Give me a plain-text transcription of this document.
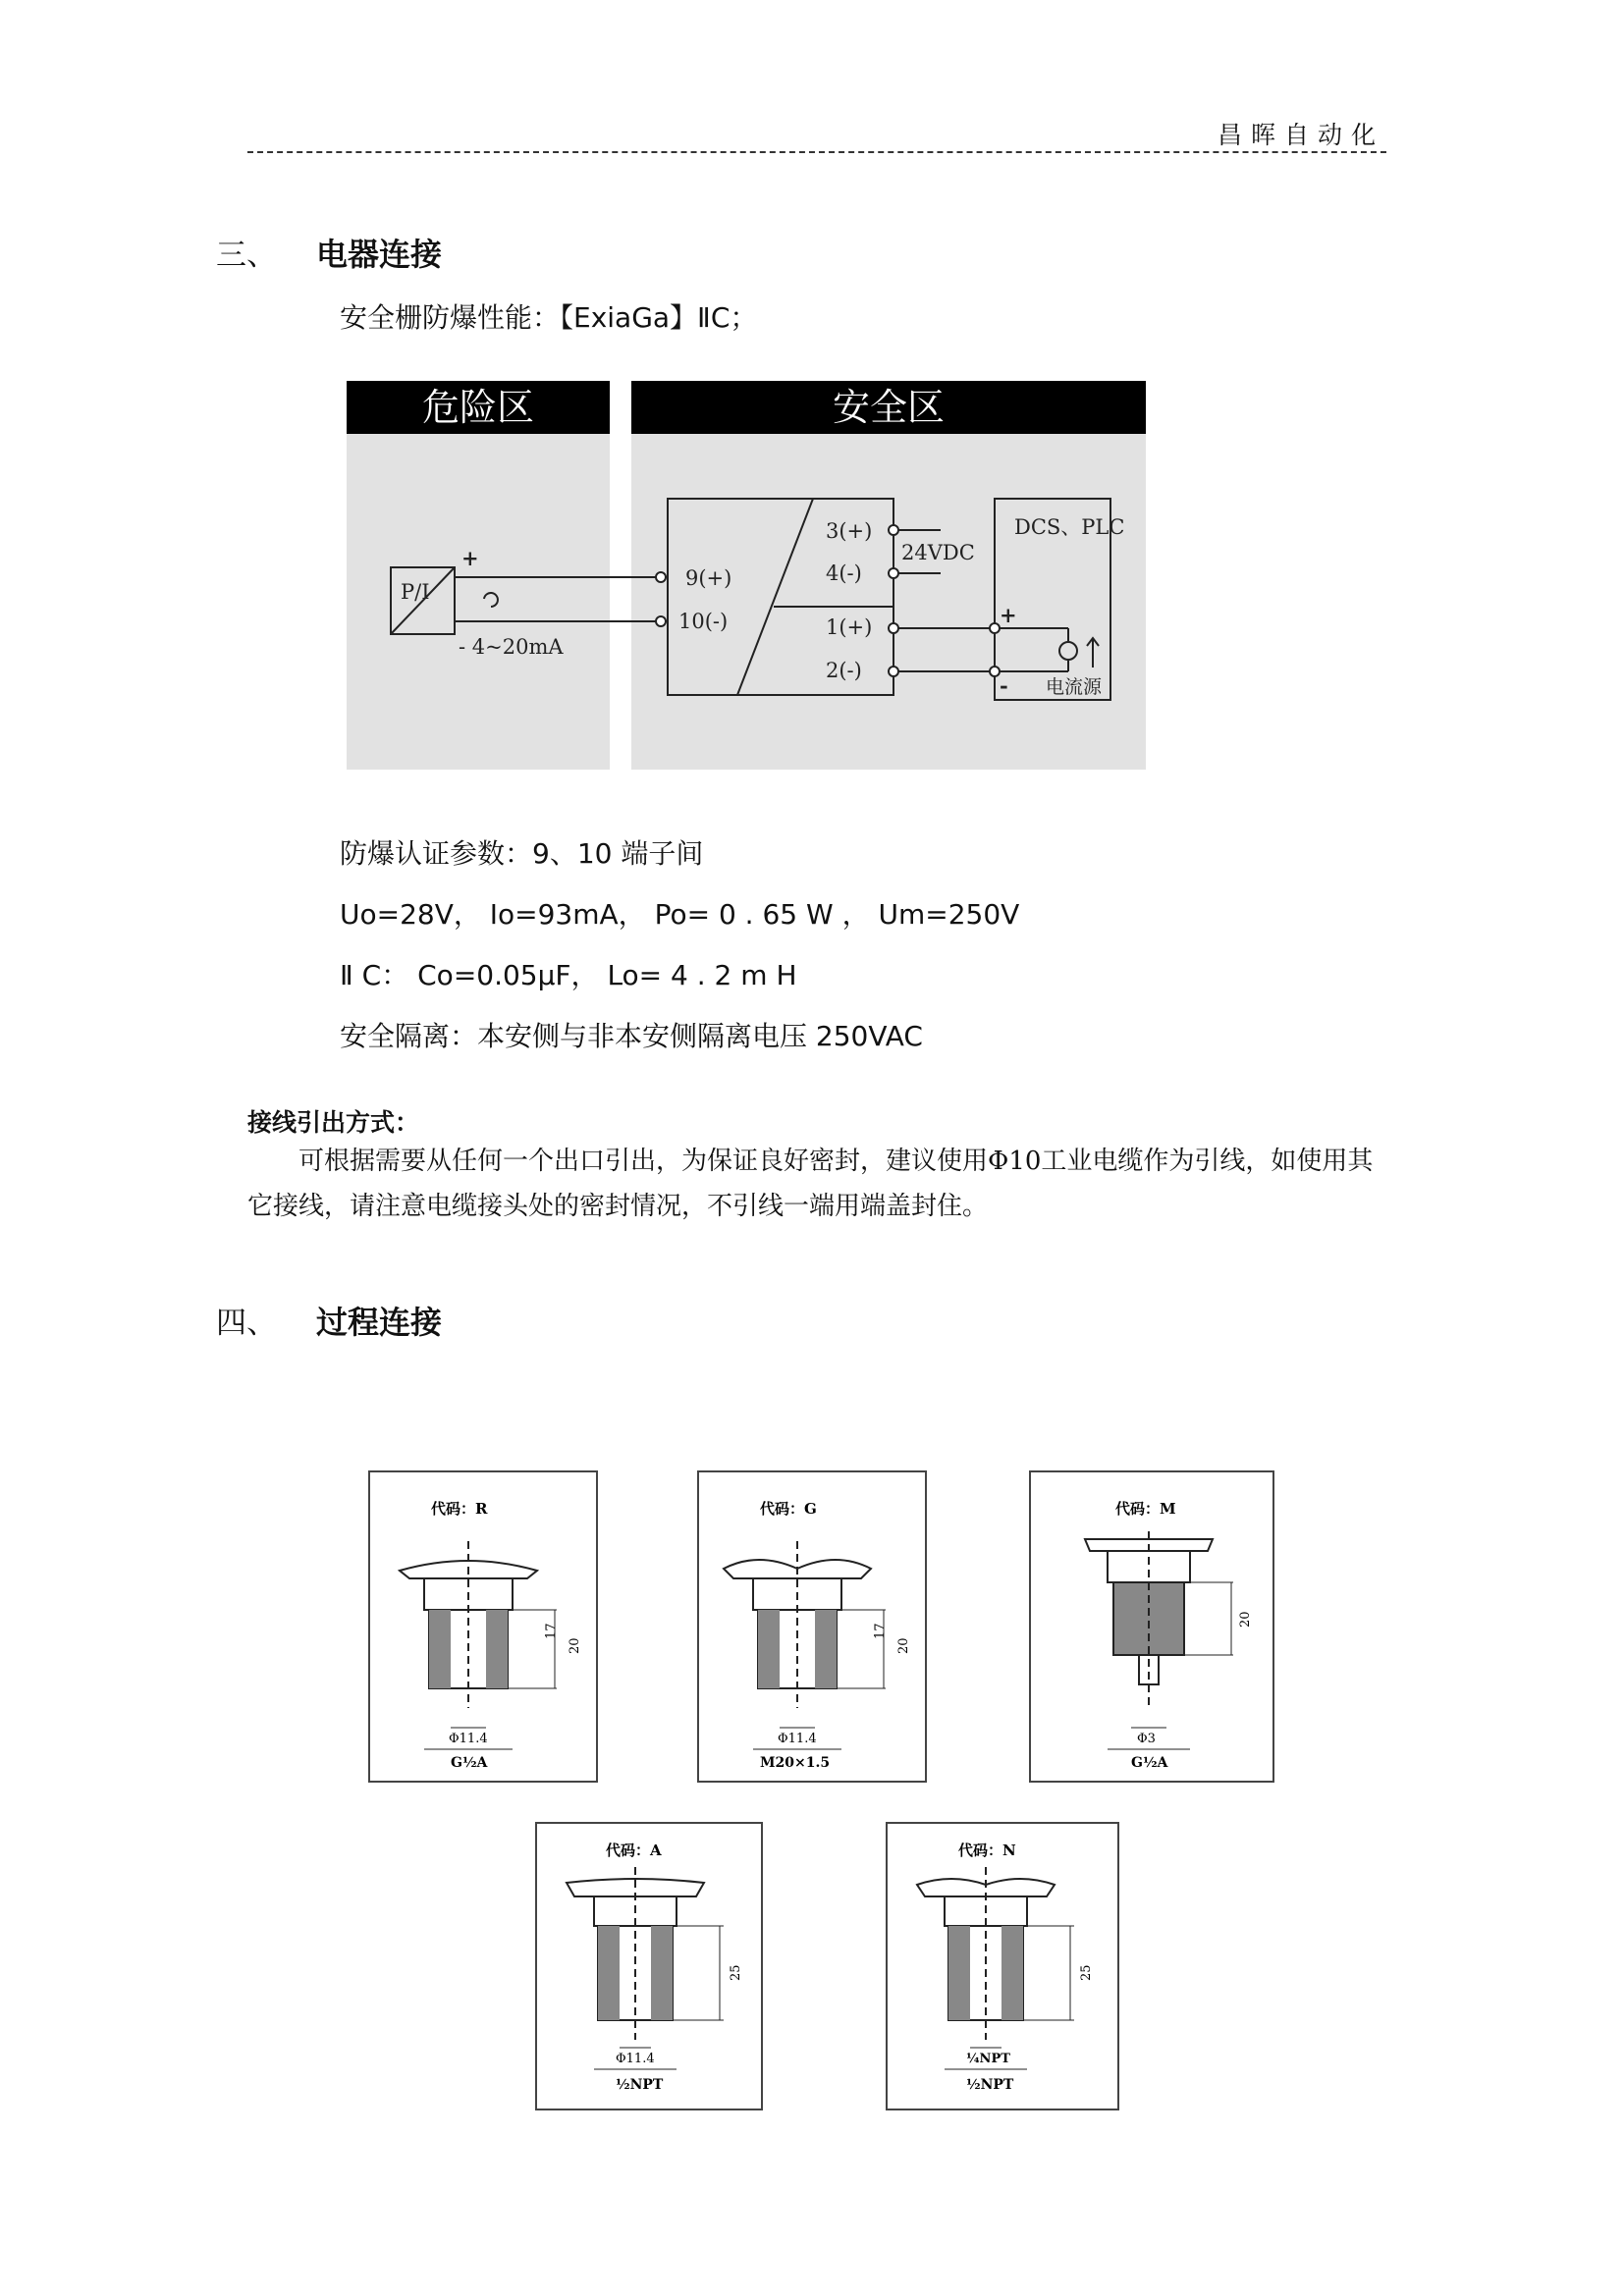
昌晖自动化
三、 电器连接
安全栅防爆性能：【ExiaGa】ⅡC；
危险区	安全区
P/I
+
- 4~20mA
9(+)
10(-)
3(+)
4(-)
1(+)
2(-)
24VDC
DCS、PLC
+
- 电流源
防爆认证参数：9、10 端子间
Uo=28V， Io=93mA， Po= 0 . 65 W ， Um=250V
Ⅱ C： Co=0.05μF， Lo= 4 . 2 m H
安全隔离：本安侧与非本安侧隔离电压 250VAC
接线引出方式：
可根据需要从任何一个出口引出，为保证良好密封，建议使用Φ10工业电缆作为引线，如使用其它接线，请注意电缆接头处的密封情况，不引线一端用端盖封住。
四、 过程连接
代码：R
17
20
Φ11.4
G½A
代码：G
17
20
Φ11.4
M20×1.5
代码：M
20
Φ3
G½A
代码：A
25
Φ11.4
½NPT
代码：N
25
¼NPT
½NPT
